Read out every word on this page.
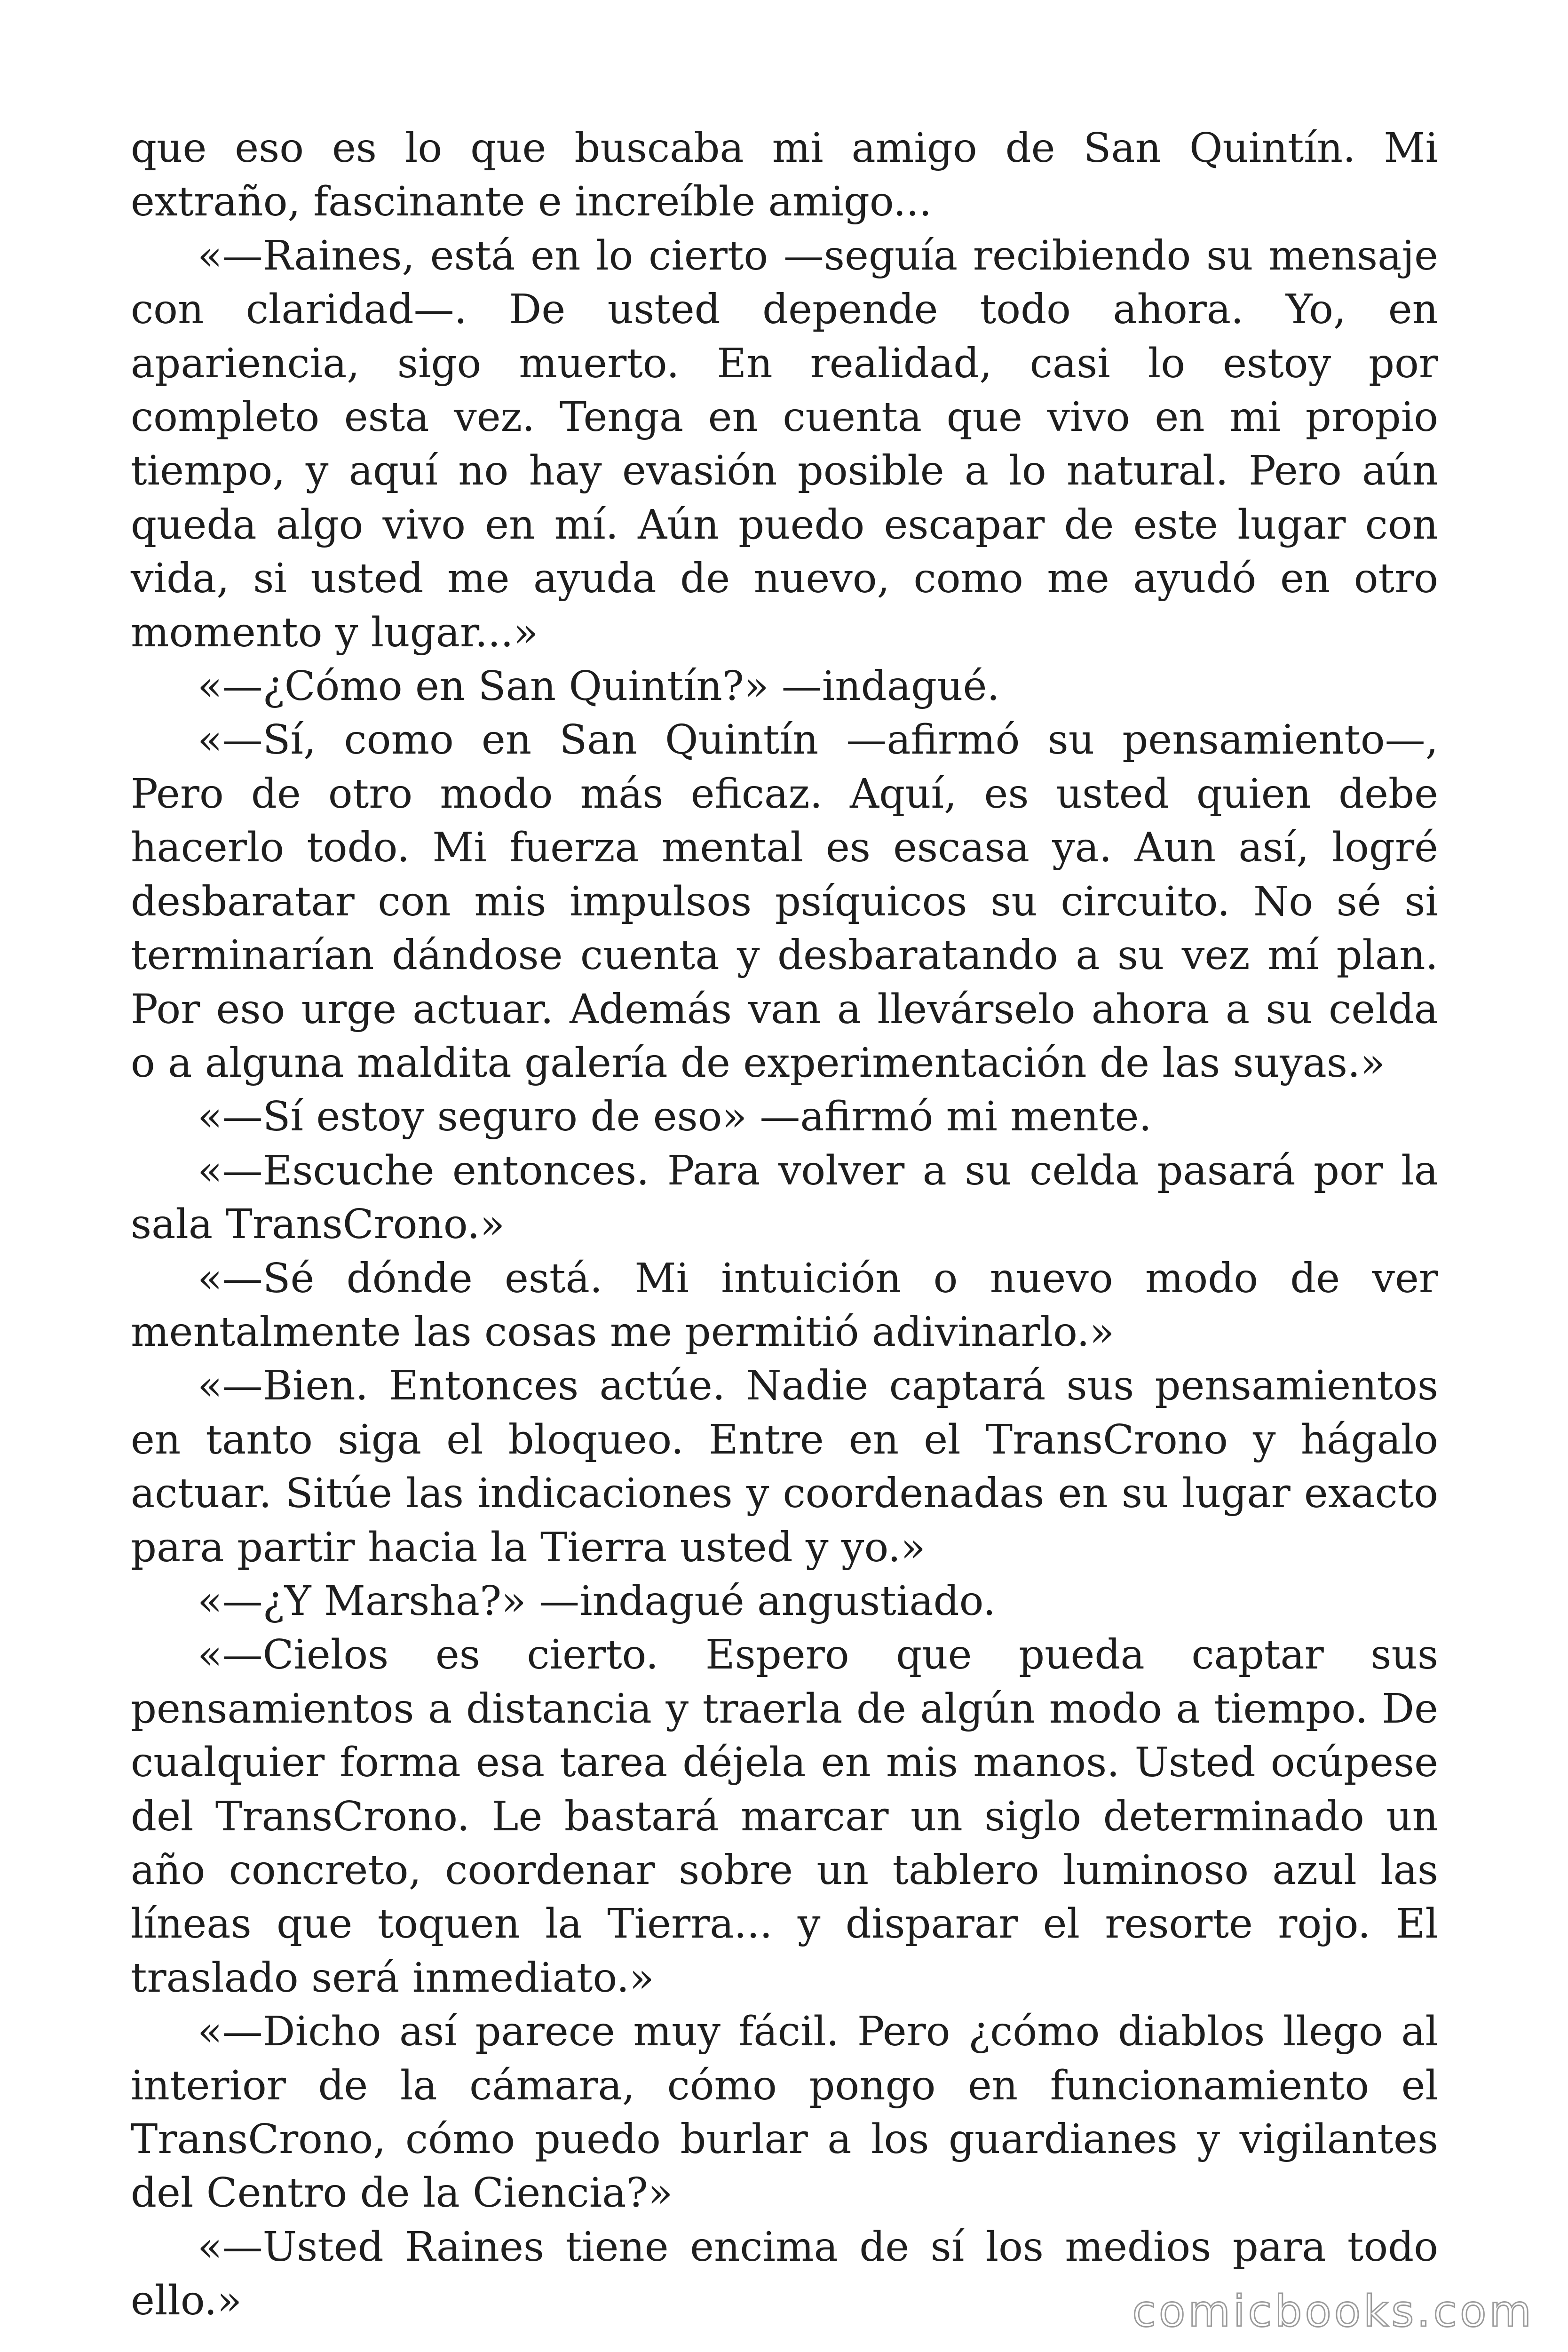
que eso es lo que buscaba mi amigo de San Quintín. Mi extraño, fascinante e increíble amigo...

«—Raines, está en lo cierto —seguía recibiendo su mensaje con claridad—. De usted depende todo ahora. Yo, en apariencia, sigo muerto. En realidad, casi lo estoy por completo esta vez. Tenga en cuenta que vivo en mi propio tiempo, y aquí no hay evasión posible a lo natural. Pero aún queda algo vivo en mí. Aún puedo escapar de este lugar con vida, si usted me ayuda de nuevo, como me ayudó en otro momento y lugar...»

«—¿Cómo en San Quintín?» —indagué.

«—Sí, como en San Quintín —afirmó su pensamiento—, Pero de otro modo más eficaz. Aquí, es usted quien debe hacerlo todo. Mi fuerza mental es escasa ya. Aun así, logré desbaratar con mis impulsos psíquicos su circuito. No sé si terminarían dándose cuenta y desbaratando a su vez mí plan. Por eso urge actuar. Además van a llevárselo ahora a su celda o a alguna maldita galería de experimentación de las suyas.»

«—Sí estoy seguro de eso» —afirmó mi mente.

«—Escuche entonces. Para volver a su celda pasará por la sala TransCrono.»

«—Sé dónde está. Mi intuición o nuevo modo de ver mentalmente las cosas me permitió adivinarlo.»

«—Bien. Entonces actúe. Nadie captará sus pensamientos en tanto siga el bloqueo. Entre en el TransCrono y hágalo actuar. Sitúe las indicaciones y coordenadas en su lugar exacto para partir hacia la Tierra usted y yo.»

«—¿Y Marsha?» —indagué angustiado.

«—Cielos es cierto. Espero que pueda captar sus pensamientos a distancia y traerla de algún modo a tiempo. De cualquier forma esa tarea déjela en mis manos. Usted ocúpese del TransCrono. Le bastará marcar un siglo determinado un año concreto, coordenar sobre un tablero luminoso azul las líneas que toquen la Tierra... y disparar el resorte rojo. El traslado será inmediato.»

«—Dicho así parece muy fácil. Pero ¿cómo diablos llego al interior de la cámara, cómo pongo en funcionamiento el TransCrono, cómo puedo burlar a los guardianes y vigilantes del Centro de la Ciencia?»

«—Usted Raines tiene encima de sí los medios para todo ello.»	comicbooks.com
